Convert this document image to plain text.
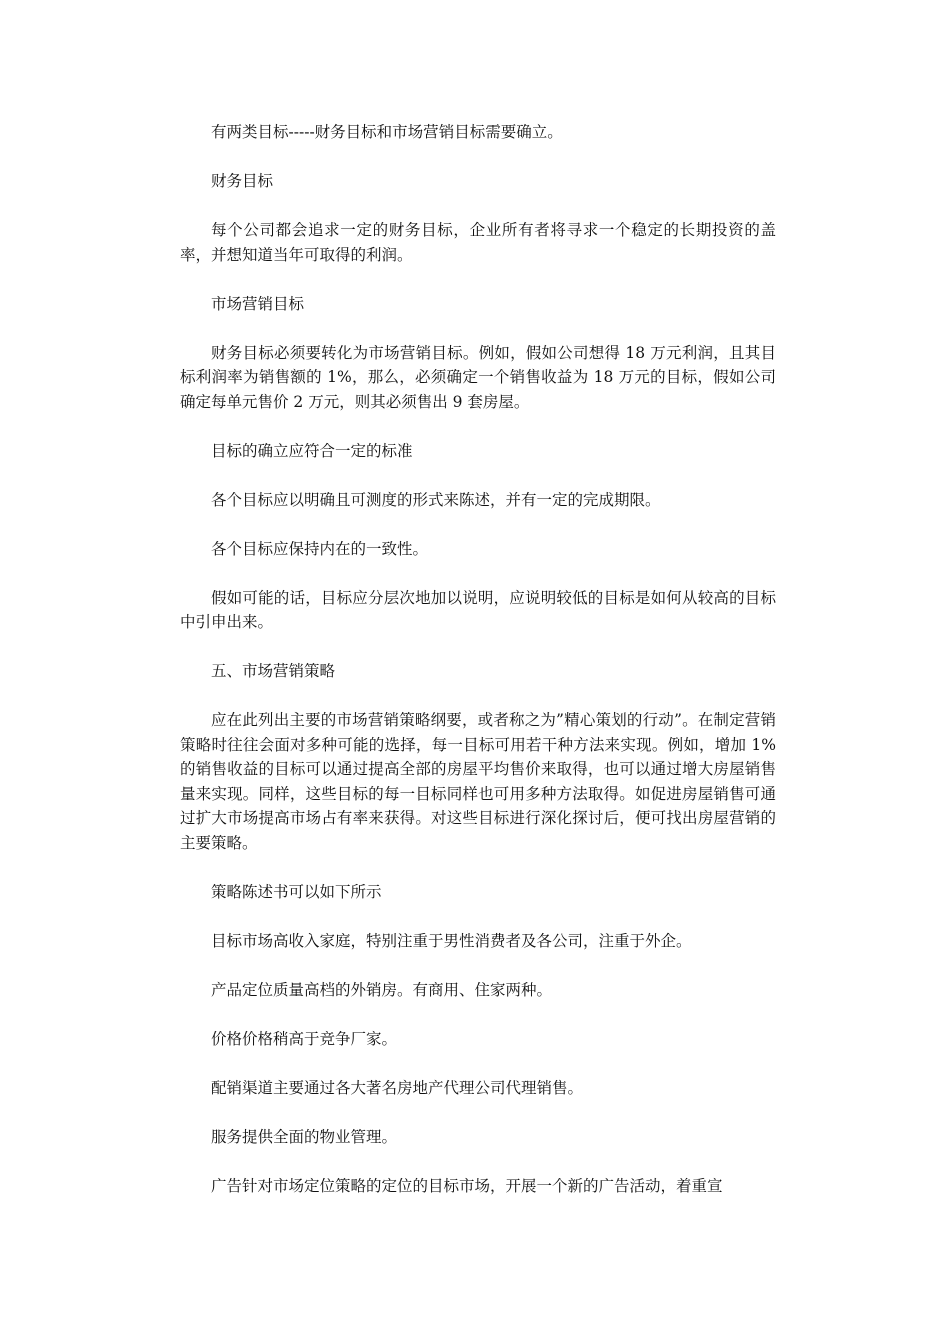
有两类目标-----财务目标和市场营销目标需要确立。

财务目标

每个公司都会追求一定的财务目标，企业所有者将寻求一个稳定的长期投资的盖率，并想知道当年可取得的利润。

市场营销目标

财务目标必须要转化为市场营销目标。例如，假如公司想得 18 万元利润，且其目标利润率为销售额的 1%，那么，必须确定一个销售收益为 18 万元的目标，假如公司确定每单元售价 2 万元，则其必须售出 9 套房屋。

目标的确立应符合一定的标准

各个目标应以明确且可测度的形式来陈述，并有一定的完成期限。

各个目标应保持内在的一致性。

假如可能的话，目标应分层次地加以说明，应说明较低的目标是如何从较高的目标中引申出来。

五、市场营销策略

应在此列出主要的市场营销策略纲要，或者称之为”精心策划的行动”。在制定营销策略时往往会面对多种可能的选择，每一目标可用若干种方法来实现。例如，增加 1%的销售收益的目标可以通过提高全部的房屋平均售价来取得，也可以通过增大房屋销售量来实现。同样，这些目标的每一目标同样也可用多种方法取得。如促进房屋销售可通过扩大市场提高市场占有率来获得。对这些目标进行深化探讨后，便可找出房屋营销的主要策略。

策略陈述书可以如下所示

目标市场高收入家庭，特别注重于男性消费者及各公司，注重于外企。

产品定位质量高档的外销房。有商用、住家两种。

价格价格稍高于竞争厂家。

配销渠道主要通过各大著名房地产代理公司代理销售。

服务提供全面的物业管理。

广告针对市场定位策略的定位的目标市场，开展一个新的广告活动，着重宣
